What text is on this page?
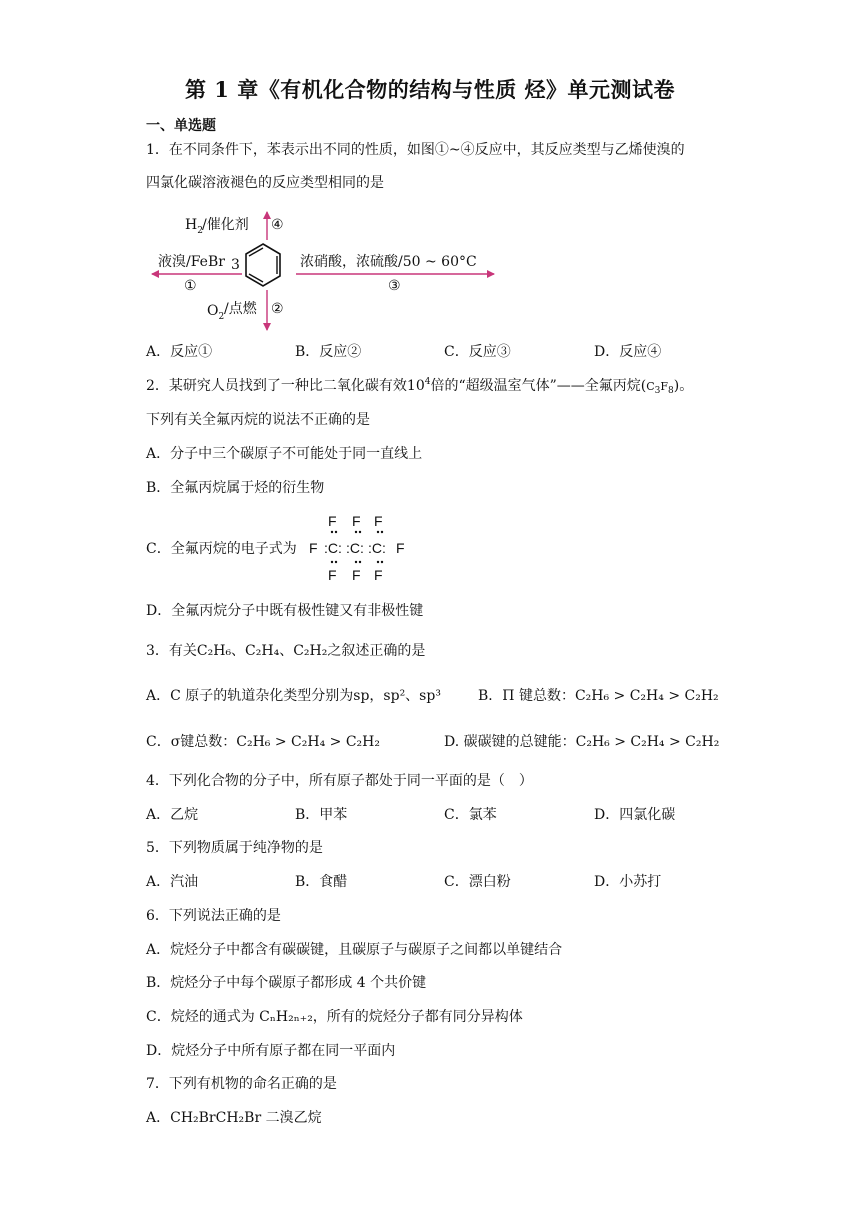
第 1 章《有机化合物的结构与性质 烃》单元测试卷
一、单选题
1．在不同条件下，苯表示出不同的性质，如图①~④反应中，其反应类型与乙烯使溴的
四氯化碳溶液褪色的反应类型相同的是
$H_2$ /催化剂 ④
液溴/FeBr 3
①
浓硝酸，浓硫酸/50 ~ 60°C
③
$O_2$ /点燃 ②
A．反应①	B．反应②	C．反应③	D．反应④
2．某研究人员找到了一种比二氧化碳有效$10^4$倍的“超级温室气体”——全氟丙烷$(C_3F_8)$。
下列有关全氟丙烷的说法不正确的是
A．分子中三个碳原子不可能处于同一直线上
B．全氟丙烷属于烃的衍生物
C．全氟丙烷的电子式为
F F F
F :C: :C: :C: F
F F F
D．全氟丙烷分子中既有极性键又有非极性键
3．有关C₂H₆、C₂H₄、C₂H₂之叙述正确的是
A．C 原子的轨道杂化类型分别为sp，sp²、sp³	B．Π 键总数：C₂H₆ > C₂H₄ > C₂H₂
C．σ键总数：C₂H₆ > C₂H₄ > C₂H₂	D. 碳碳键的总键能：C₂H₆ > C₂H₄ > C₂H₂
4．下列化合物的分子中，所有原子都处于同一平面的是（　）
A．乙烷	B．甲苯	C．氯苯	D．四氯化碳
5．下列物质属于纯净物的是
A．汽油	B．食醋	C．漂白粉	D．小苏打
6．下列说法正确的是
A．烷烃分子中都含有碳碳键，且碳原子与碳原子之间都以单键结合
B．烷烃分子中每个碳原子都形成 4 个共价键
C．烷烃的通式为 CₙH₂ₙ₊₂，所有的烷烃分子都有同分异构体
D．烷烃分子中所有原子都在同一平面内
7．下列有机物的命名正确的是
A．CH₂BrCH₂Br 二溴乙烷
